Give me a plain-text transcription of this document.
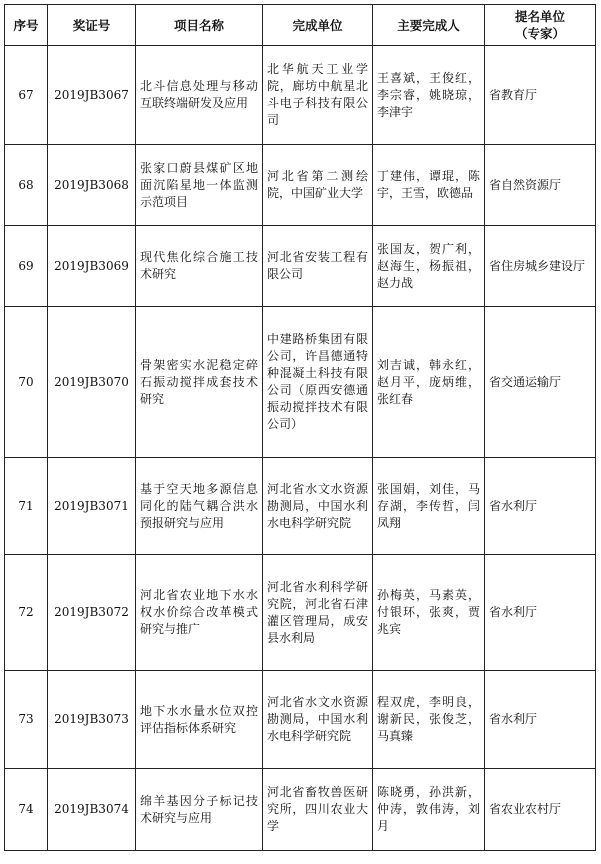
序号	奖证号	项目名称	完成单位	主要完成人	提名单位
（专家）

67	2019JB3067	北斗信息处理与移动互联终端研发及应用	北华航天工业学院，廊坊中航星北斗电子科技有限公司	王喜斌，王俊红，李宗睿，姚晓琼，李津宇	省教育厅
68	2019JB3068	张家口蔚县煤矿区地面沉陷星地一体监测示范项目	河北省第二测绘院，中国矿业大学	丁建伟，谭琨，陈宇，王雪，欧德品	省自然资源厅
69	2019JB3069	现代焦化综合施工技术研究	河北省安装工程有限公司	张国友，贺广利，赵海生，杨振祖，赵力战	省住房城乡建设厅
70	2019JB3070	骨架密实水泥稳定碎石振动搅拌成套技术研究	中建路桥集团有限公司，许昌德通特种混凝土科技有限公司（原西安德通振动搅拌技术有限公司）	刘吉诚，韩永红，赵月平，庞炳维，张红春	省交通运输厅
71	2019JB3071	基于空天地多源信息同化的陆气耦合洪水预报研究与应用	河北省水文水资源勘测局，中国水利水电科学研究院	张国娟，刘佳，马存湖，李传哲，闫凤翔	省水利厅
72	2019JB3072	河北省农业地下水水权水价综合改革模式研究与推广	河北省水利科学研究院，河北省石津灌区管理局，成安县水利局	孙梅英，马素英，付银环，张爽，贾兆宾	省水利厅
73	2019JB3073	地下水水量水位双控评估指标体系研究	河北省水文水资源勘测局，中国水利水电科学研究院	程双虎，李明良，谢新民，张俊芝，马真臻	省水利厅
74	2019JB3074	绵羊基因分子标记技术研究与应用	河北省畜牧兽医研究所，四川农业大学	陈晓勇，孙洪新，仲涛，敦伟涛，刘月	省农业农村厅
